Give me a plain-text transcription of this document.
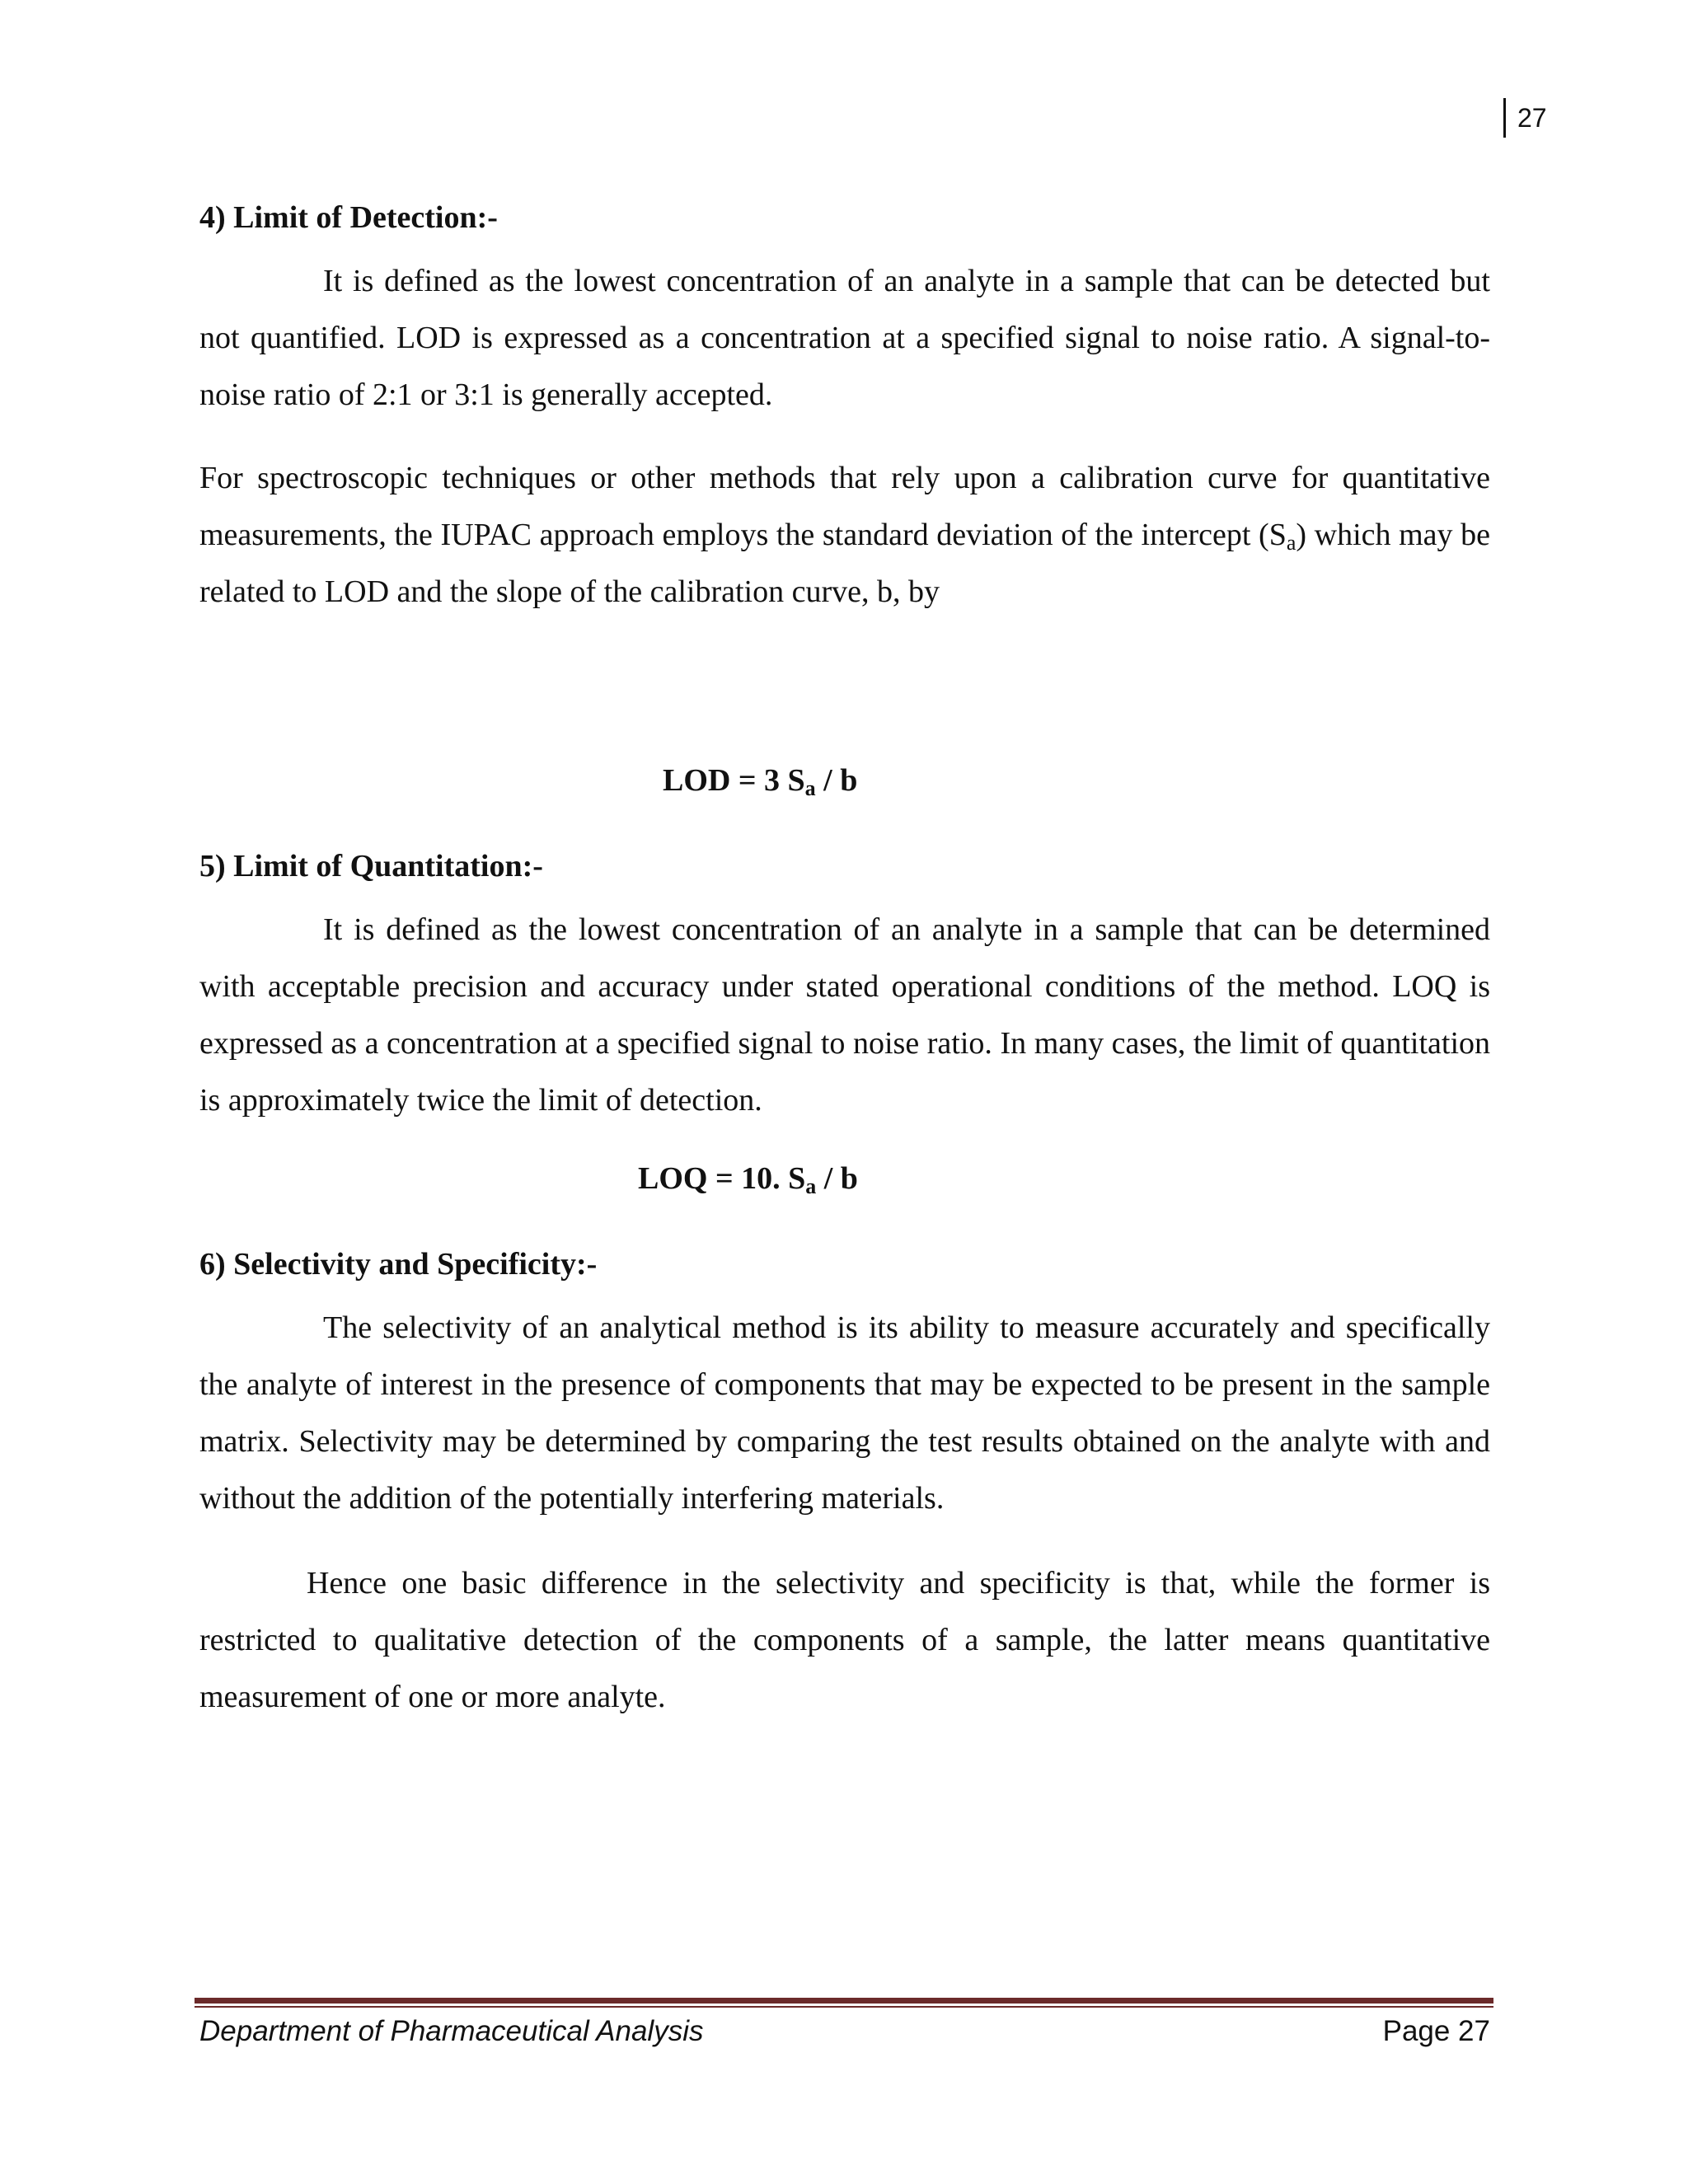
27
4) Limit of Detection:-

It is defined as the lowest concentration of an analyte in a sample that can be detected but not quantified. LOD is expressed as a concentration at a specified signal to noise ratio. A signal-to-noise ratio of 2:1 or 3:1 is generally accepted.

For spectroscopic techniques or other methods that rely upon a calibration curve for quantitative measurements, the IUPAC approach employs the standard deviation of the intercept $(S_a)$ which may be related to LOD and the slope of the calibration curve, b, by

LOD = 3 $S_a$ / b

5) Limit of Quantitation:-

It is defined as the lowest concentration of an analyte in a sample that can be determined with acceptable precision and accuracy under stated operational conditions of the method. LOQ is expressed as a concentration at a specified signal to noise ratio. In many cases, the limit of quantitation is approximately twice the limit of detection.

LOQ = 10. $S_a$ / b

6) Selectivity and Specificity:-

The selectivity of an analytical method is its ability to measure accurately and specifically the analyte of interest in the presence of components that may be expected to be present in the sample matrix. Selectivity may be determined by comparing the test results obtained on the analyte with and without the addition of the potentially interfering materials.

Hence one basic difference in the selectivity and specificity is that, while the former is restricted to qualitative detection of the components of a sample, the latter means quantitative measurement of one or more analyte.

Department of Pharmaceutical Analysis	Page 27
